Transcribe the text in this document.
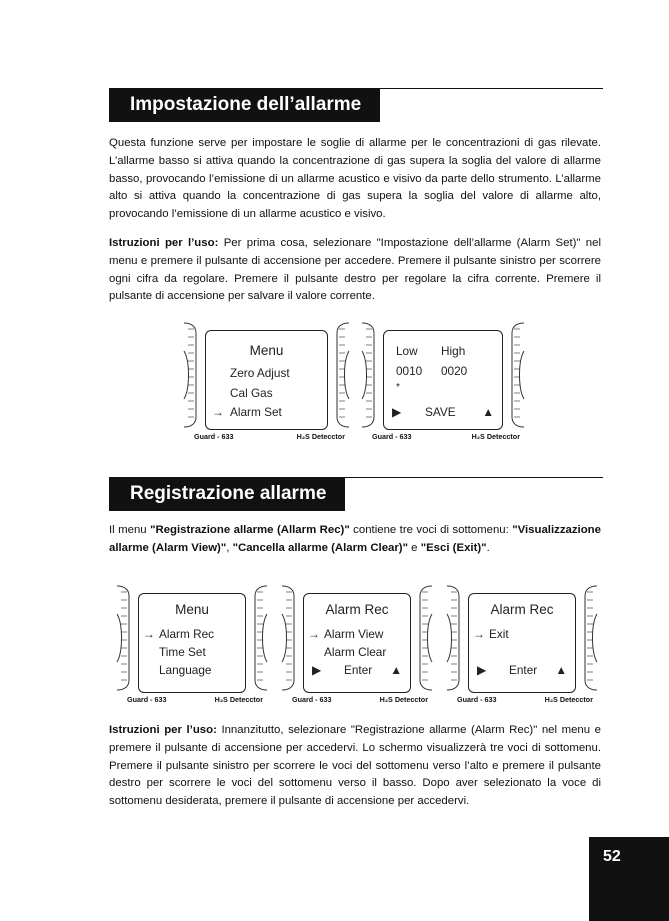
Impostazione dell’allarme
Questa funzione serve per impostare le soglie di allarme per le concentrazioni di gas rilevate. L’allarme basso si attiva quando la concentrazione di gas supera la soglia del valore di allarme basso, provocando l’emissione di un allarme acustico e visivo da parte dello strumento. L’allarme alto si attiva quando la concentrazione di gas supera la soglia del valore di allarme alto, provocando l’emissione di un allarme acustico e visivo.
Istruzioni per l’uso: Per prima cosa, selezionare "Impostazione dell’allarme (Alarm Set)" nel menu e premere il pulsante di accensione per accedere. Premere il pulsante sinistro per scorrere ogni cifra da regolare. Premere il pulsante destro per regolare la cifra corrente. Premere il pulsante di accensione per salvare il valore corrente.
Menu
Zero Adjust
Cal Gas
→ Alarm Set
Guard - 633	H₂S Detecctor
Low High
0010 0020
*
▶ SAVE ▲
Guard - 633	H₂S Detecctor
Registrazione allarme
Il menu "Registrazione allarme (Allarm Rec)" contiene tre voci di sottomenu: "Visualizzazione allarme (Alarm View)", "Cancella allarme (Alarm Clear)" e "Esci (Exit)".
Menu
→ Alarm Rec
Time Set
Language
Guard - 633	H₂S Detecctor
Alarm Rec
→ Alarm View
Alarm Clear
▶ Enter ▲
Guard - 633	H₂S Detecctor
Alarm Rec
→ Exit
▶ Enter ▲
Guard - 633	H₂S Detecctor
Istruzioni per l’uso: Innanzitutto, selezionare "Registrazione allarme (Alarm Rec)" nel menu e premere il pulsante di accensione per accedervi. Lo schermo visualizzerà tre voci di sottomenu. Premere il pulsante sinistro per scorrere le voci del sottomenu verso l’alto e premere il pulsante destro per scorrere le voci del sottomenu verso il basso. Dopo aver selezionato la voce di sottomenu desiderata, premere il pulsante di accensione per accedervi.
52
